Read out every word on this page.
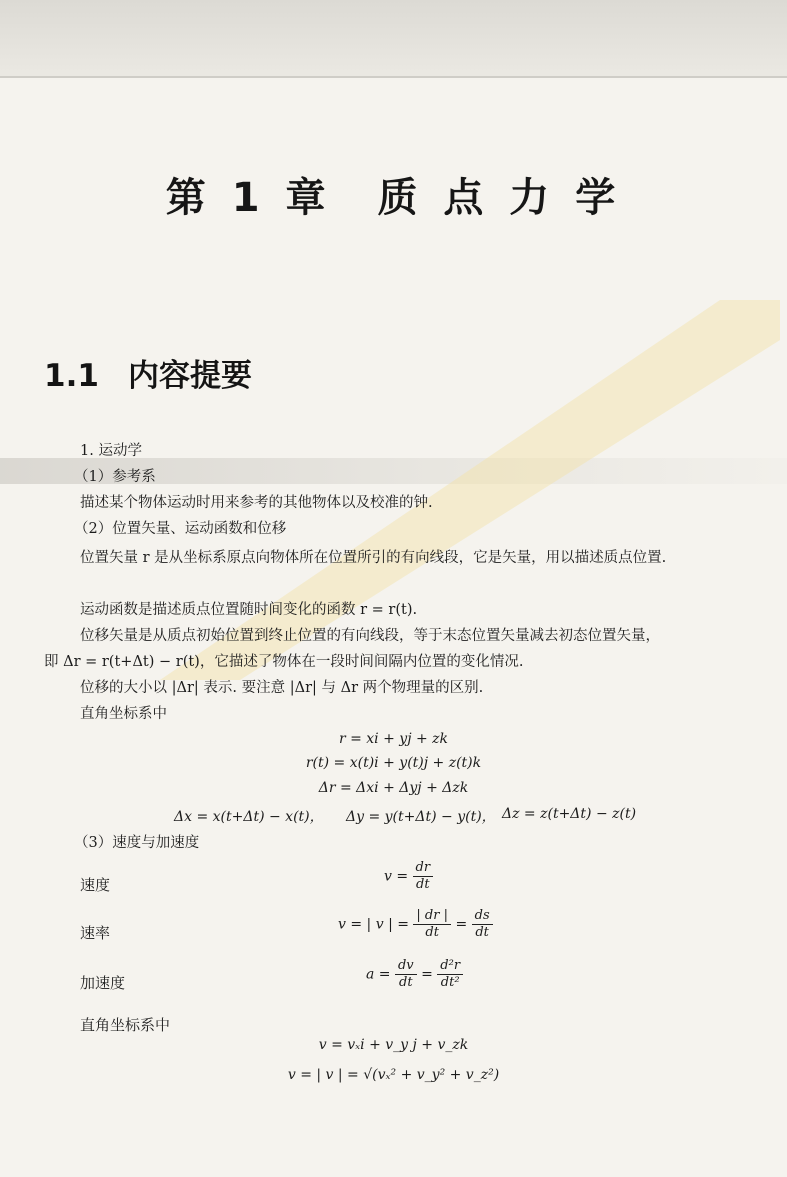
第 1 章　质 点 力 学
1.1 内容提要

1. 运动学

（1）参考系

描述某个物体运动时用来参考的其他物体以及校准的钟.

（2）位置矢量、运动函数和位移

位置矢量 r 是从坐标系原点向物体所在位置所引的有向线段，它是矢量，用以描述质点位置.

运动函数是描述质点位置随时间变化的函数 r = r(t).

位移矢量是从质点初始位置到终止位置的有向线段，等于末态位置矢量减去初态位置矢量，

即 Δr = r(t+Δt) − r(t)，它描述了物体在一段时间间隔内位置的变化情况.

位移的大小以 |Δr| 表示. 要注意 |Δr| 与 Δr 两个物理量的区别.

直角坐标系中

r = xi + yj + zk
r(t) = x(t)i + y(t)j + z(t)k
Δr = Δxi + Δyj + Δzk
Δx = x(t+Δt) − x(t)， Δy = y(t+Δt) − y(t)， Δz = z(t+Δt) − z(t)

（3）速度与加速度

速度	$v = \frac{dr}{dt}$

速率	v = | v | = $\frac{| dr |}{dt} = \frac{ds}{dt}$

加速度	$a = \frac{dv}{dt} = \frac{\text{d²r}}{\text{dt²}}$

直角坐标系中

v = vₓi + v_y j + v_zk
v = | v | = √(vₓ² + v_y² + v_z²)
